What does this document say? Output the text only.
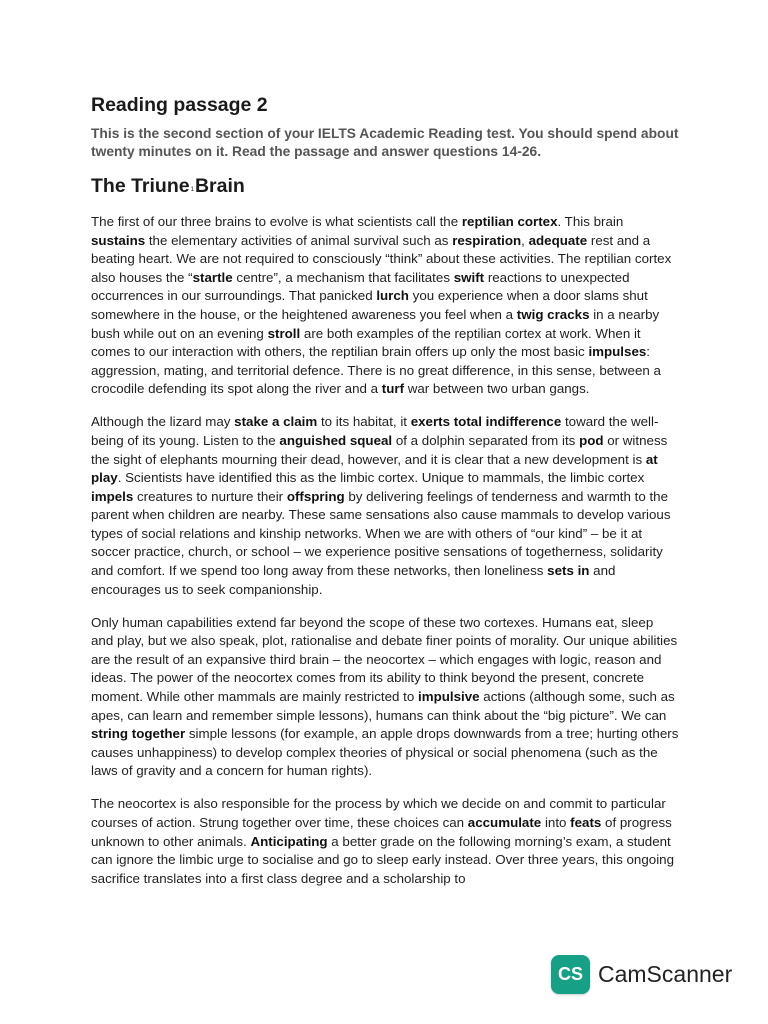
Reading passage 2
This is the second section of your IELTS Academic Reading test. You should spend about twenty minutes on it. Read the passage and answer questions 14-26.
The Triune$^1$Brain

The first of our three brains to evolve is what scientists call the reptilian cortex. This brain sustains the elementary activities of animal survival such as respiration, adequate rest and a beating heart. We are not required to consciously “think” about these activities. The reptilian cortex also houses the “startle centre”, a mechanism that facilitates swift reactions to unexpected occurrences in our surroundings. That panicked lurch you experience when a door slams shut somewhere in the house, or the heightened awareness you feel when a twig cracks in a nearby bush while out on an evening stroll are both examples of the reptilian cortex at work. When it comes to our interaction with others, the reptilian brain offers up only the most basic impulses: aggression, mating, and territorial defence. There is no great difference, in this sense, between a crocodile defending its spot along the river and a turf war between two urban gangs.

Although the lizard may stake a claim to its habitat, it exerts total indifference toward the well-being of its young. Listen to the anguished squeal of a dolphin separated from its pod or witness the sight of elephants mourning their dead, however, and it is clear that a new development is at play. Scientists have identified this as the limbic cortex. Unique to mammals, the limbic cortex impels creatures to nurture their offspring by delivering feelings of tenderness and warmth to the parent when children are nearby. These same sensations also cause mammals to develop various types of social relations and kinship networks. When we are with others of “our kind” – be it at soccer practice, church, or school – we experience positive sensations of togetherness, solidarity and comfort. If we spend too long away from these networks, then loneliness sets in and encourages us to seek companionship.

Only human capabilities extend far beyond the scope of these two cortexes. Humans eat, sleep and play, but we also speak, plot, rationalise and debate finer points of morality. Our unique abilities are the result of an expansive third brain – the neocortex – which engages with logic, reason and ideas. The power of the neocortex comes from its ability to think beyond the present, concrete moment. While other mammals are mainly restricted to impulsive actions (although some, such as apes, can learn and remember simple lessons), humans can think about the “big picture”. We can string together simple lessons (for example, an apple drops downwards from a tree; hurting others causes unhappiness) to develop complex theories of physical or social phenomena (such as the laws of gravity and a concern for human rights).

The neocortex is also responsible for the process by which we decide on and commit to particular courses of action. Strung together over time, these choices can accumulate into feats of progress unknown to other animals. Anticipating a better grade on the following morning’s exam, a student can ignore the limbic urge to socialise and go to sleep early instead. Over three years, this ongoing sacrifice translates into a first class degree and a scholarship to

CS CamScanner
